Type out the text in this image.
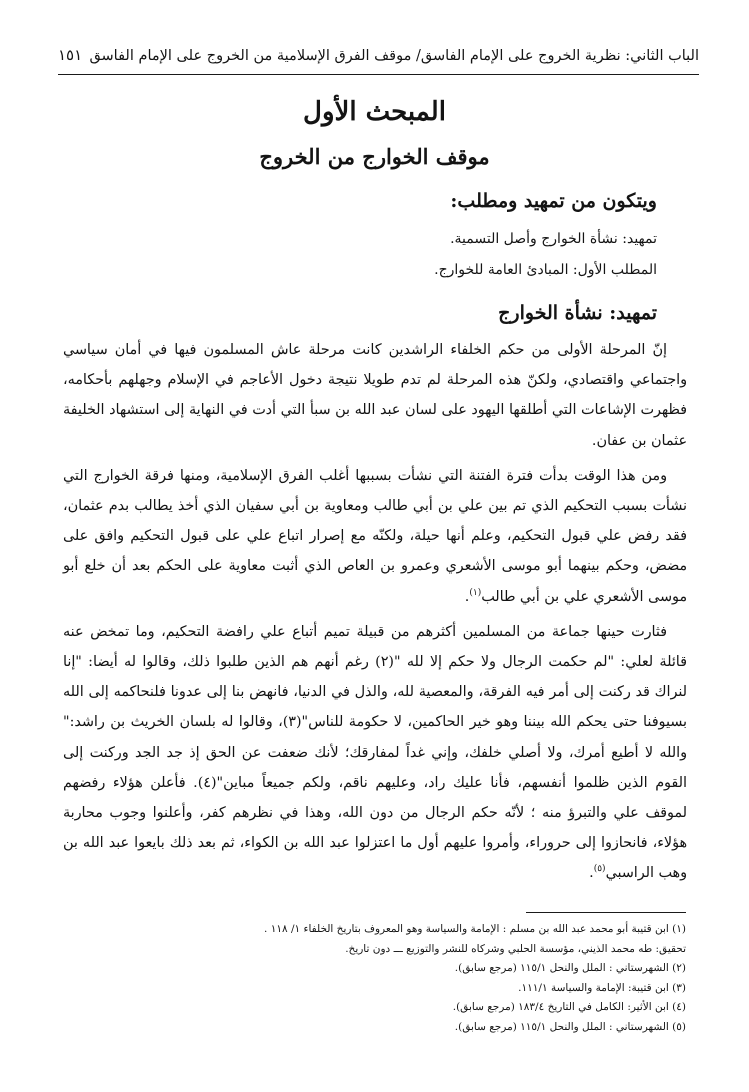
الباب الثاني: نظرية الخروج على الإمام الفاسق/ موقف الفرق الإسلامية من الخروج على الإمام الفاسق
١٥١
المبحث الأول
موقف الخوارج من الخروج
ويتكون من تمهيد ومطلب:
تمهيد: نشأة الخوارج وأصل التسمية.
المطلب الأول: المبادئ العامة للخوارج.
تمهيد: نشأة الخوارج

إنّ المرحلة الأولى من حكم الخلفاء الراشدين كانت مرحلة عاش المسلمون فيها في أمان سياسي واجتماعي واقتصادي، ولكنّ هذه المرحلة لم تدم طويلا نتيجة دخول الأعاجم في الإسلام وجهلهم بأحكامه، فظهرت الإشاعات التي أطلقها اليهود على لسان عبد الله بن سبأ التي أدت في النهاية إلى استشهاد الخليفة عثمان بن عفان.

ومن هذا الوقت بدأت فترة الفتنة التي نشأت بسببها أغلب الفرق الإسلامية، ومنها فرقة الخوارج التي نشأت بسبب التحكيم الذي تم بين علي بن أبي طالب ومعاوية بن أبي سفيان الذي أخذ يطالب بدم عثمان، فقد رفض علي قبول التحكيم، وعلم أنها حيلة، ولكنّه مع إصرار اتباع علي على قبول التحكيم وافق على مضض، وحكم بينهما أبو موسى الأشعري وعمرو بن العاص الذي أثبت معاوية على الحكم بعد أن خلع أبو موسى الأشعري علي بن أبي طالب$^{(١)}$.

فثارت حينها جماعة من المسلمين أكثرهم من قبيلة تميم أتباع علي رافضة التحكيم، وما تمخض عنه قائلة لعلي: "لم حكمت الرجال ولا حكم إلا لله "(٢) رغم أنهم هم الذين طلبوا ذلك، وقالوا له أيضا: "إنا لنراك قد ركنت إلى أمر فيه الفرقة، والمعصية لله، والذل في الدنيا، فانهض بنا إلى عدونا فلنحاكمه إلى الله بسيوفنا حتى يحكم الله بيننا وهو خير الحاكمين، لا حكومة للناس"(٣)، وقالوا له بلسان الخريث بن راشد:" والله لا أطيع أمرك، ولا أصلي خلفك، وإني غداً لمفارقك؛ لأنك ضعفت عن الحق إذ جد الجد وركنت إلى القوم الذين ظلموا أنفسهم، فأنا عليك راد، وعليهم ناقم، ولكم جميعاً مباين"(٤). فأعلن هؤلاء رفضهم لموقف علي والتبرؤ منه ؛ لأنّه حكم الرجال من دون الله، وهذا في نظرهم كفر، وأعلنوا وجوب محاربة هؤلاء، فانحازوا إلى حروراء، وأمروا عليهم أول ما اعتزلوا عبد الله بن الكواء، ثم بعد ذلك بايعوا عبد الله بن وهب الراسبي$^{(٥)}$.

(١) ابن قتيبة أبو محمد عبد الله بن مسلم : الإمامة والسياسة وهو المعروف بتاريخ الخلفاء ١/ ١١٨ .
تحقيق: طه محمد الذيني، مؤسسة الحلبي وشركاه للنشر والتوزيع ـــ دون تاريخ.
(٢) الشهرستاني : الملل والنحل ١١٥/١ (مرجع سابق).
(٣) ابن قتيبة: الإمامة والسياسة ١١١/١.
(٤) ابن الأثير: الكامل في التاريخ ١٨٣/٤ (مرجع سابق).
(٥) الشهرستاني : الملل والنحل ١١٥/١ (مرجع سابق).
